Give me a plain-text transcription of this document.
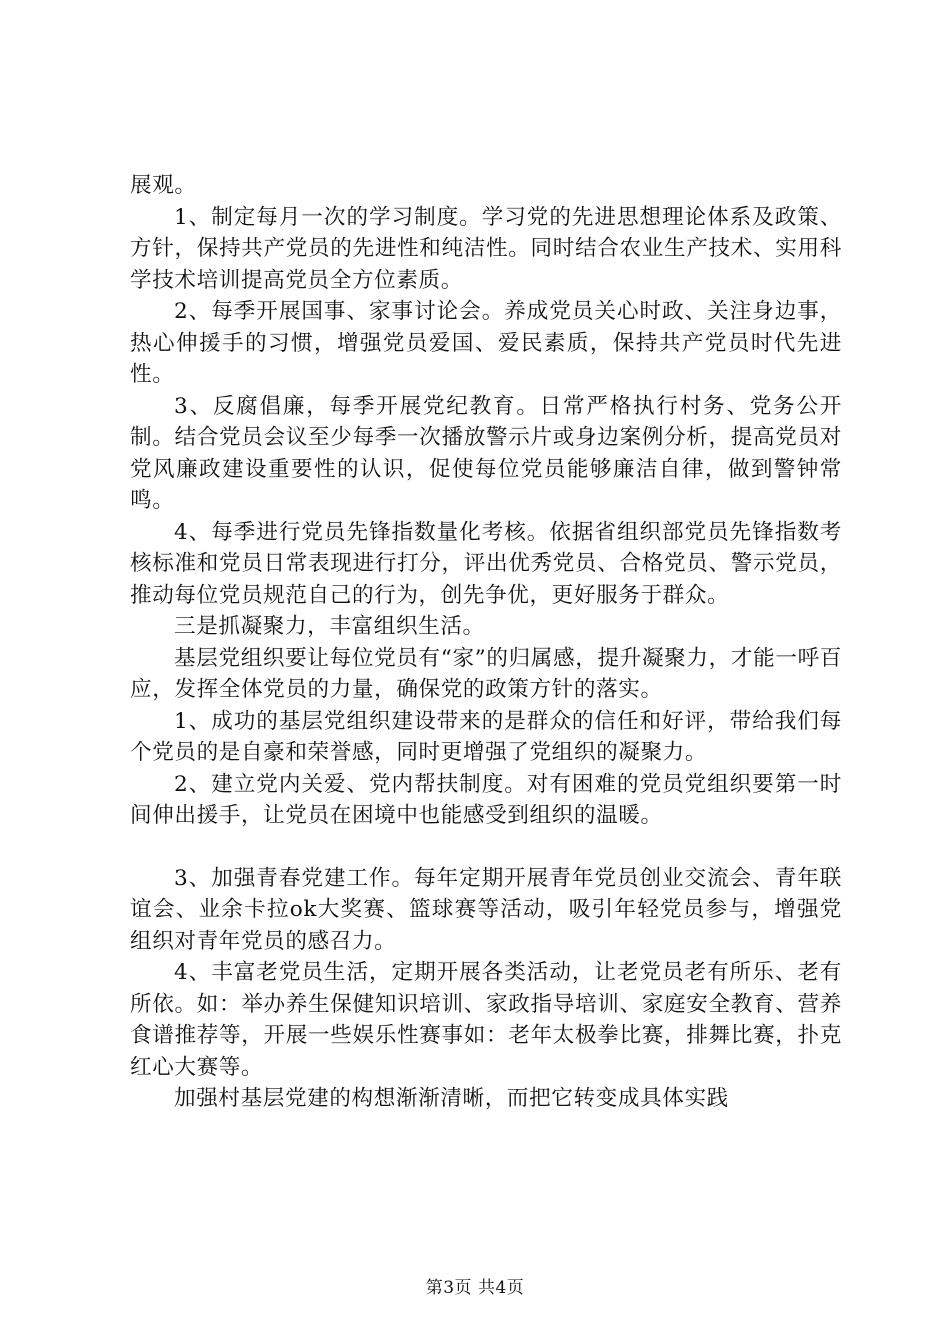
展观。

1、制定每月一次的学习制度。学习党的先进思想理论体系及政策、方针，保持共产党员的先进性和纯洁性。同时结合农业生产技术、实用科学技术培训提高党员全方位素质。

2、每季开展国事、家事讨论会。养成党员关心时政、关注身边事，热心伸援手的习惯，增强党员爱国、爱民素质，保持共产党员时代先进性。

3、反腐倡廉，每季开展党纪教育。日常严格执行村务、党务公开制。结合党员会议至少每季一次播放警示片或身边案例分析，提高党员对党风廉政建设重要性的认识，促使每位党员能够廉洁自律，做到警钟常鸣。

4、每季进行党员先锋指数量化考核。依据省组织部党员先锋指数考核标准和党员日常表现进行打分，评出优秀党员、合格党员、警示党员，推动每位党员规范自己的行为，创先争优，更好服务于群众。

三是抓凝聚力，丰富组织生活。

基层党组织要让每位党员有“家”的归属感，提升凝聚力，才能一呼百应，发挥全体党员的力量，确保党的政策方针的落实。

1、成功的基层党组织建设带来的是群众的信任和好评，带给我们每个党员的是自豪和荣誉感，同时更增强了党组织的凝聚力。

2、建立党内关爱、党内帮扶制度。对有困难的党员党组织要第一时间伸出援手，让党员在困境中也能感受到组织的温暖。

3、加强青春党建工作。每年定期开展青年党员创业交流会、青年联谊会、业余卡拉ok大奖赛、篮球赛等活动，吸引年轻党员参与，增强党组织对青年党员的感召力。

4、丰富老党员生活，定期开展各类活动，让老党员老有所乐、老有所依。如：举办养生保健知识培训、家政指导培训、家庭安全教育、营养食谱推荐等，开展一些娱乐性赛事如：老年太极拳比赛，排舞比赛，扑克红心大赛等。

加强村基层党建的构想渐渐清晰，而把它转变成具体实践

第3页 共4页
